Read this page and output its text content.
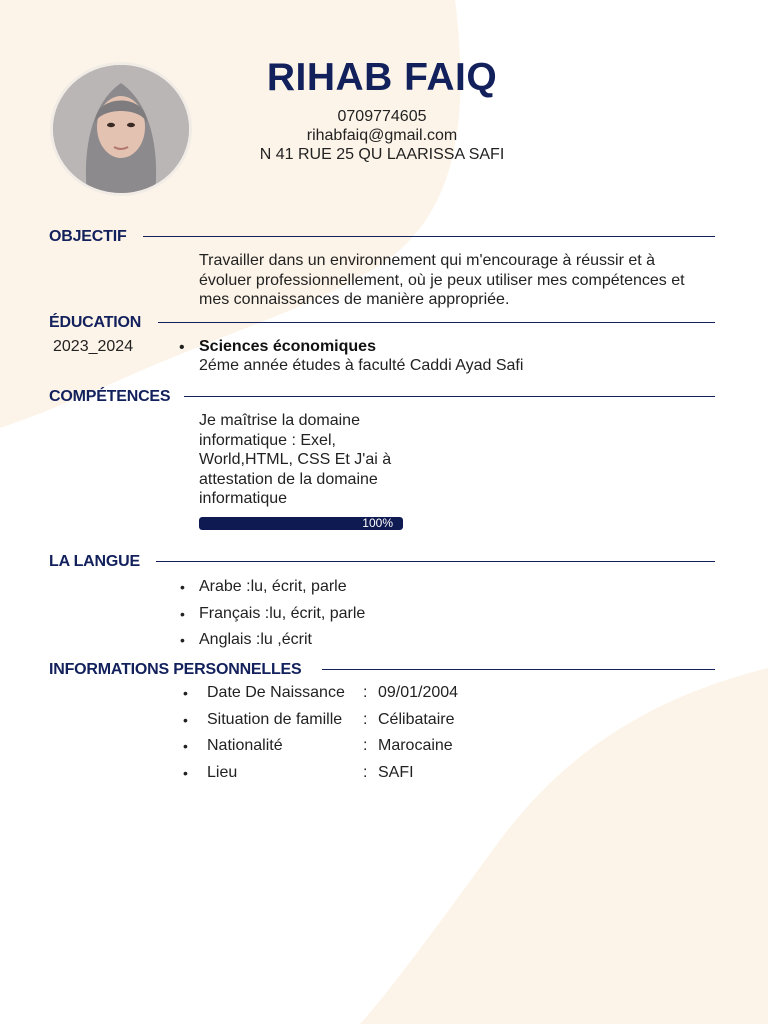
RIHAB FAIQ
0709774605
rihabfaiq@gmail.com
N 41 RUE 25 QU LAARISSA SAFI
OBJECTIF
Travailler dans un environnement qui m'encourage à réussir et à évoluer professionnellement, où je peux utiliser mes compétences et mes connaissances de manière appropriée.
ÉDUCATION
2023_2024	• Sciences économiques
2éme année études à faculté Caddi Ayad Safi
COMPÉTENCES
Je maîtrise la domaine informatique : Exel, World,HTML, CSS Et J'ai à attestation de la domaine informatique
100%
LA LANGUE
• Arabe :lu, écrit, parle
• Français :lu, écrit, parle
• Anglais :lu ,écrit
INFORMATIONS PERSONNELLES
• Date De Naissance : 09/01/2004
• Situation de famille : Célibataire
• Nationalité	: Marocaine
• Lieu	: SAFI
